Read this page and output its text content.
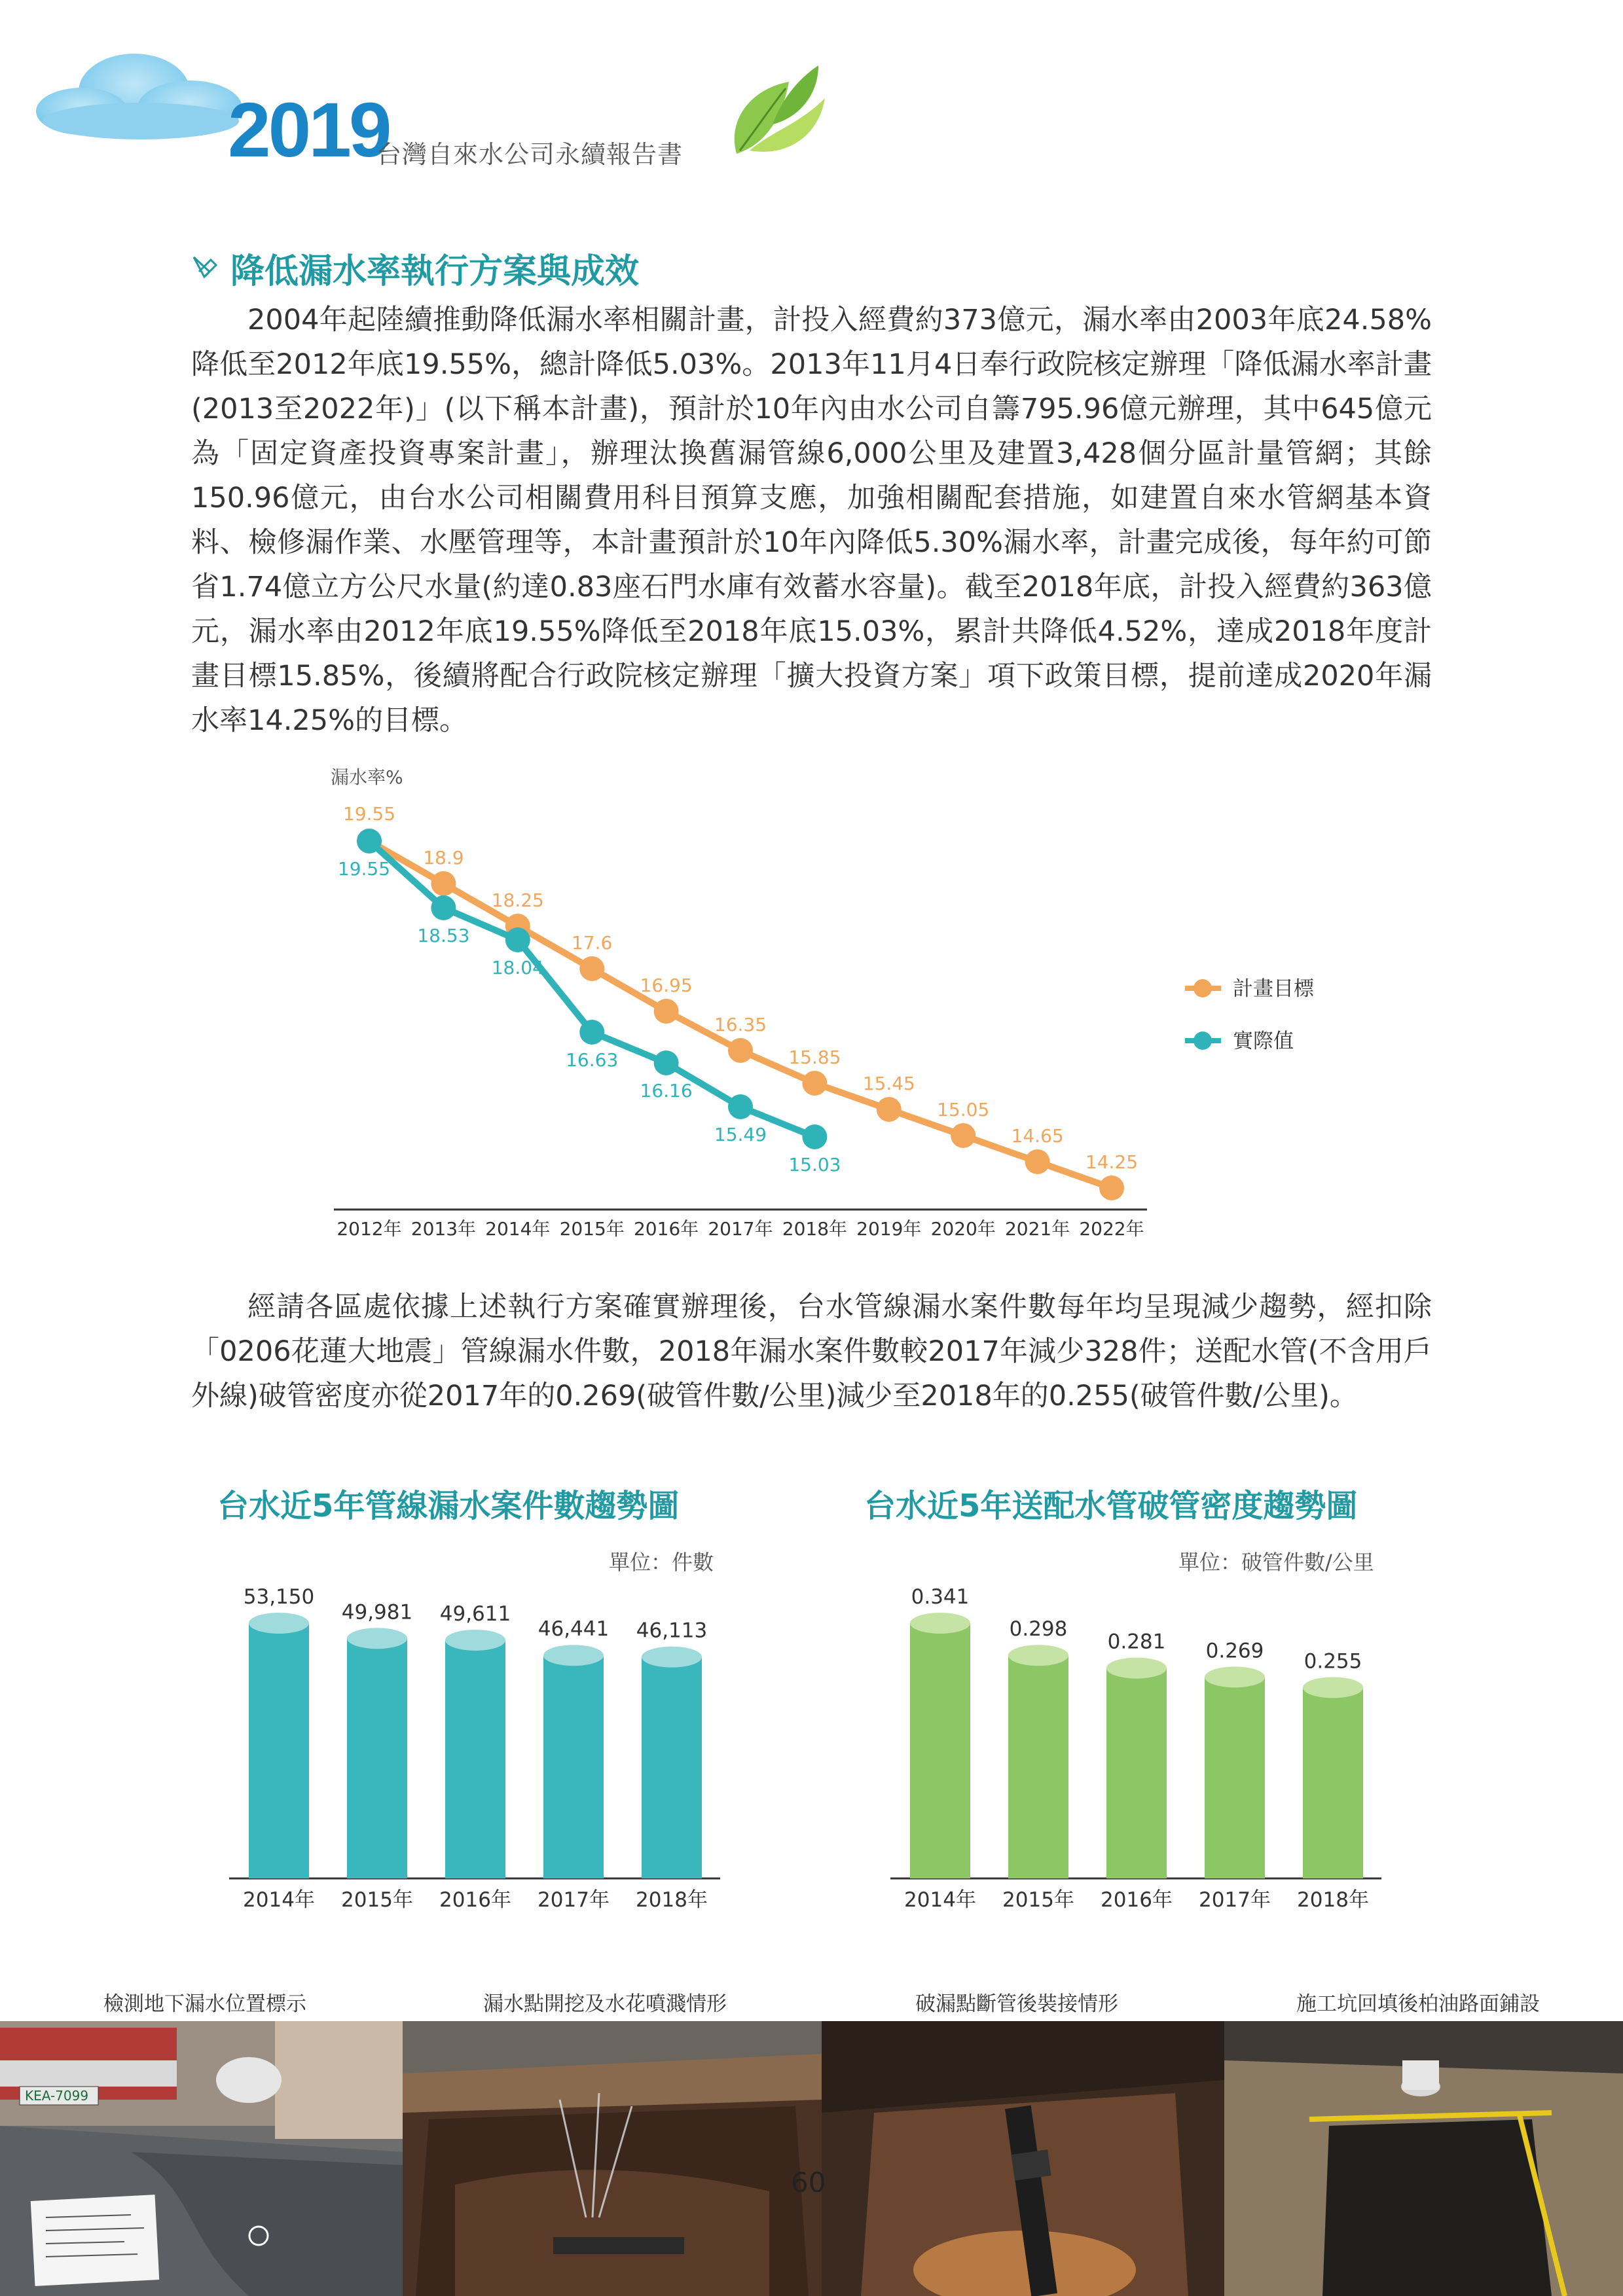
2019
台灣自來水公司永續報告書
降低漏水率執行方案與成效
2004年起陸續推動降低漏水率相關計畫，計投入經費約373億元，漏水率由2003年底24.58%降低至2012年底19.55%，總計降低5.03%。2013年11月4日奉行政院核定辦理「降低漏水率計畫(2013至2022年)」(以下稱本計畫)，預計於10年內由水公司自籌795.96億元辦理，其中645億元為「固定資產投資專案計畫」，辦理汰換舊漏管線6,000公里及建置3,428個分區計量管網；其餘150.96億元，由台水公司相關費用科目預算支應，加強相關配套措施，如建置自來水管網基本資料、檢修漏作業、水壓管理等，本計畫預計於10年內降低5.30%漏水率，計畫完成後，每年約可節省1.74億立方公尺水量(約達0.83座石門水庫有效蓄水容量)。截至2018年底，計投入經費約363億元，漏水率由2012年底19.55%降低至2018年底15.03%，累計共降低4.52%，達成2018年度計畫目標15.85%，後續將配合行政院核定辦理「擴大投資方案」項下政策目標，提前達成2020年漏水率14.25%的目標。
漏水率%
2012年 2013年 2014年 2015年 2016年 2017年 2018年 2019年 2020年 2021年 2022年
19.55
18.9
18.25
17.6
16.95
16.35
15.85
15.45
15.05
14.65
14.25
19.55
18.53
18.04
16.63
16.16
15.49
15.03
計畫目標
實際值
經請各區處依據上述執行方案確實辦理後，台水管線漏水案件數每年均呈現減少趨勢，經扣除「0206花蓮大地震」管線漏水件數，2018年漏水案件數較2017年減少328件；送配水管(不含用戶外線)破管密度亦從2017年的0.269(破管件數/公里)減少至2018年的0.255(破管件數/公里)。
台水近5年管線漏水案件數趨勢圖	台水近5年送配水管破管密度趨勢圖
單位：件數	單位：破管件數/公里
53,150
2014年
49,981
2015年
49,611
2016年
46,441
2017年
46,113
2018年
0.341
2014年
0.298
2015年
0.281
2016年
0.269
2017年
0.255
2018年
檢測地下漏水位置標示	漏水點開挖及水花噴濺情形	破漏點斷管後裝接情形	施工坑回填後柏油路面鋪設
KEA-7099
60
